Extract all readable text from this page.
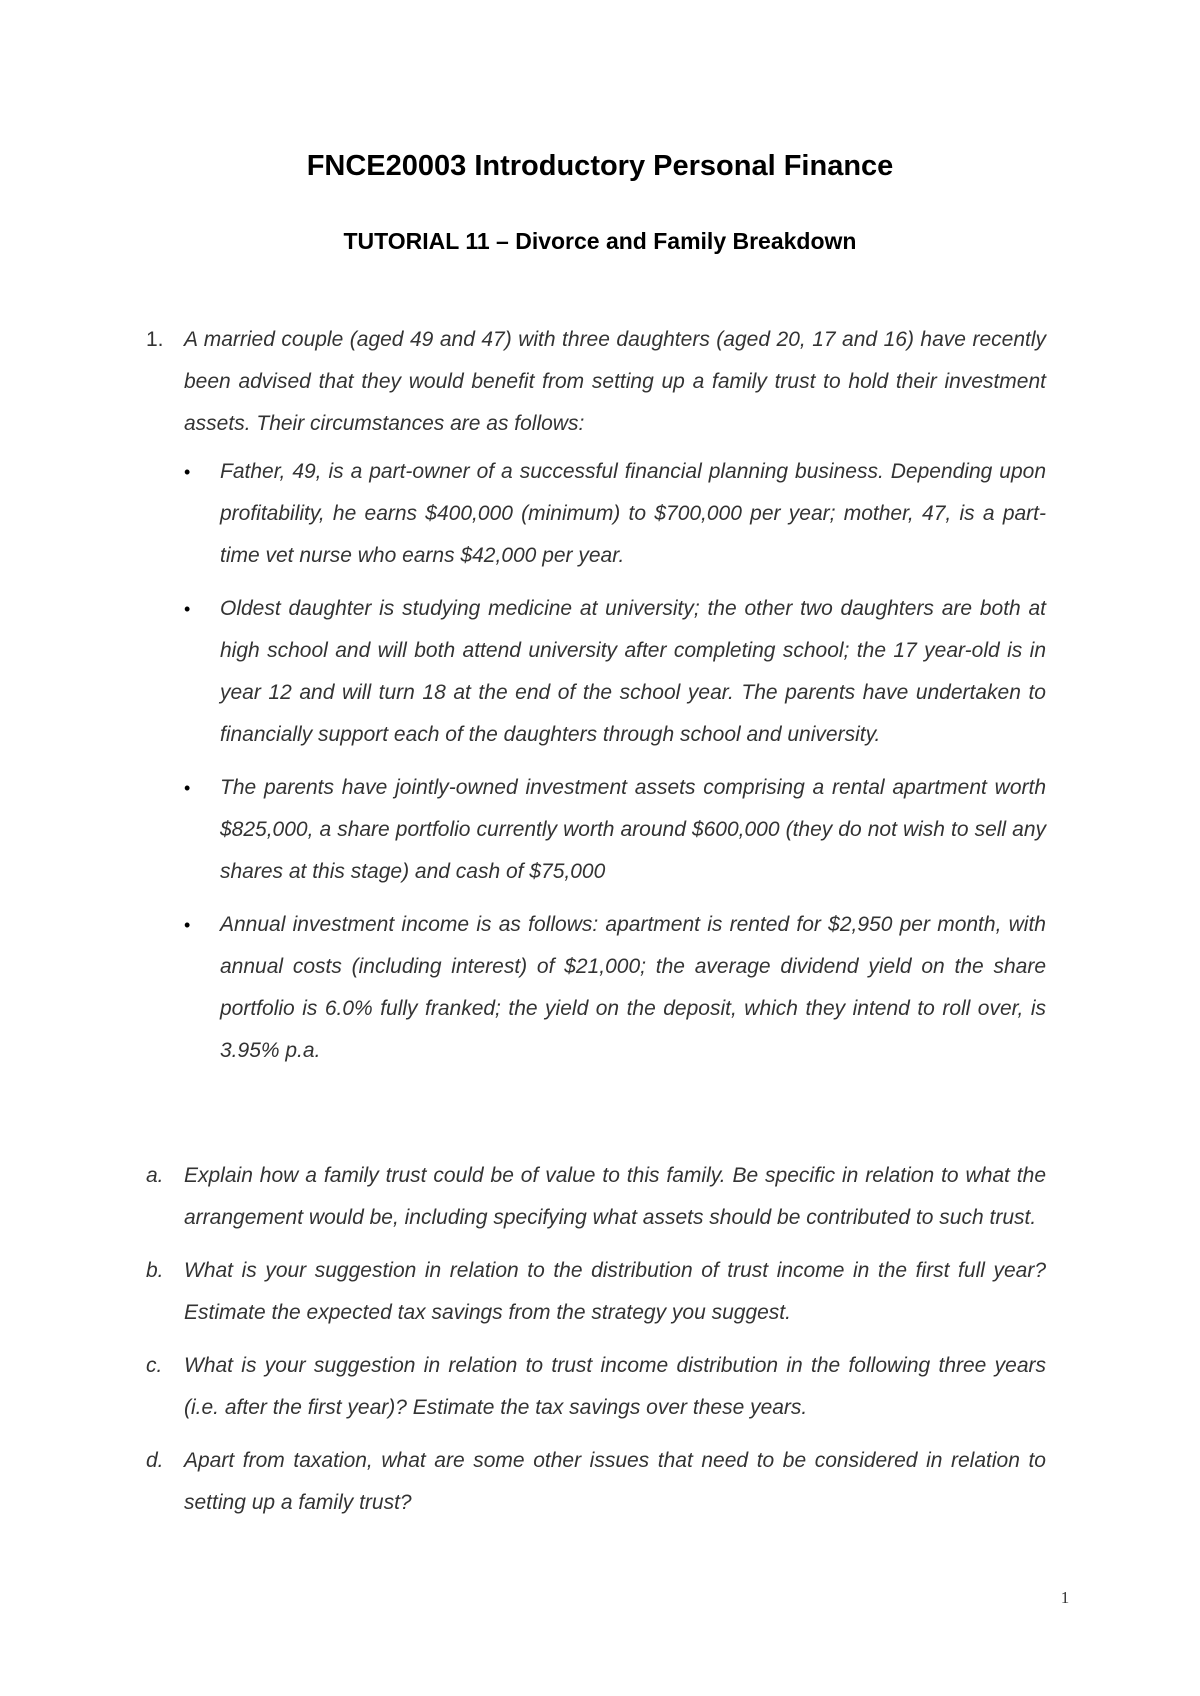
FNCE20003 Introductory Personal Finance
TUTORIAL 11 – Divorce and Family Breakdown
1. A married couple (aged 49 and 47) with three daughters (aged 20, 17 and 16) have recently been advised that they would benefit from setting up a family trust to hold their investment assets. Their circumstances are as follows:
•	Father, 49, is a part-owner of a successful financial planning business. Depending upon profitability, he earns $400,000 (minimum) to $700,000 per year; mother, 47, is a part-time vet nurse who earns $42,000 per year.
•	Oldest daughter is studying medicine at university; the other two daughters are both at high school and will both attend university after completing school; the 17 year-old is in year 12 and will turn 18 at the end of the school year. The parents have undertaken to financially support each of the daughters through school and university.
•	The parents have jointly-owned investment assets comprising a rental apartment worth $825,000, a share portfolio currently worth around $600,000 (they do not wish to sell any shares at this stage) and cash of $75,000
•	Annual investment income is as follows: apartment is rented for $2,950 per month, with annual costs (including interest) of $21,000; the average dividend yield on the share portfolio is 6.0% fully franked; the yield on the deposit, which they intend to roll over, is 3.95% p.a.
a. Explain how a family trust could be of value to this family. Be specific in relation to what the arrangement would be, including specifying what assets should be contributed to such trust.
b. What is your suggestion in relation to the distribution of trust income in the first full year? Estimate the expected tax savings from the strategy you suggest.
c.	What is your suggestion in relation to trust income distribution in the following three years (i.e. after the first year)? Estimate the tax savings over these years.
d. Apart from taxation, what are some other issues that need to be considered in relation to setting up a family trust?
1
